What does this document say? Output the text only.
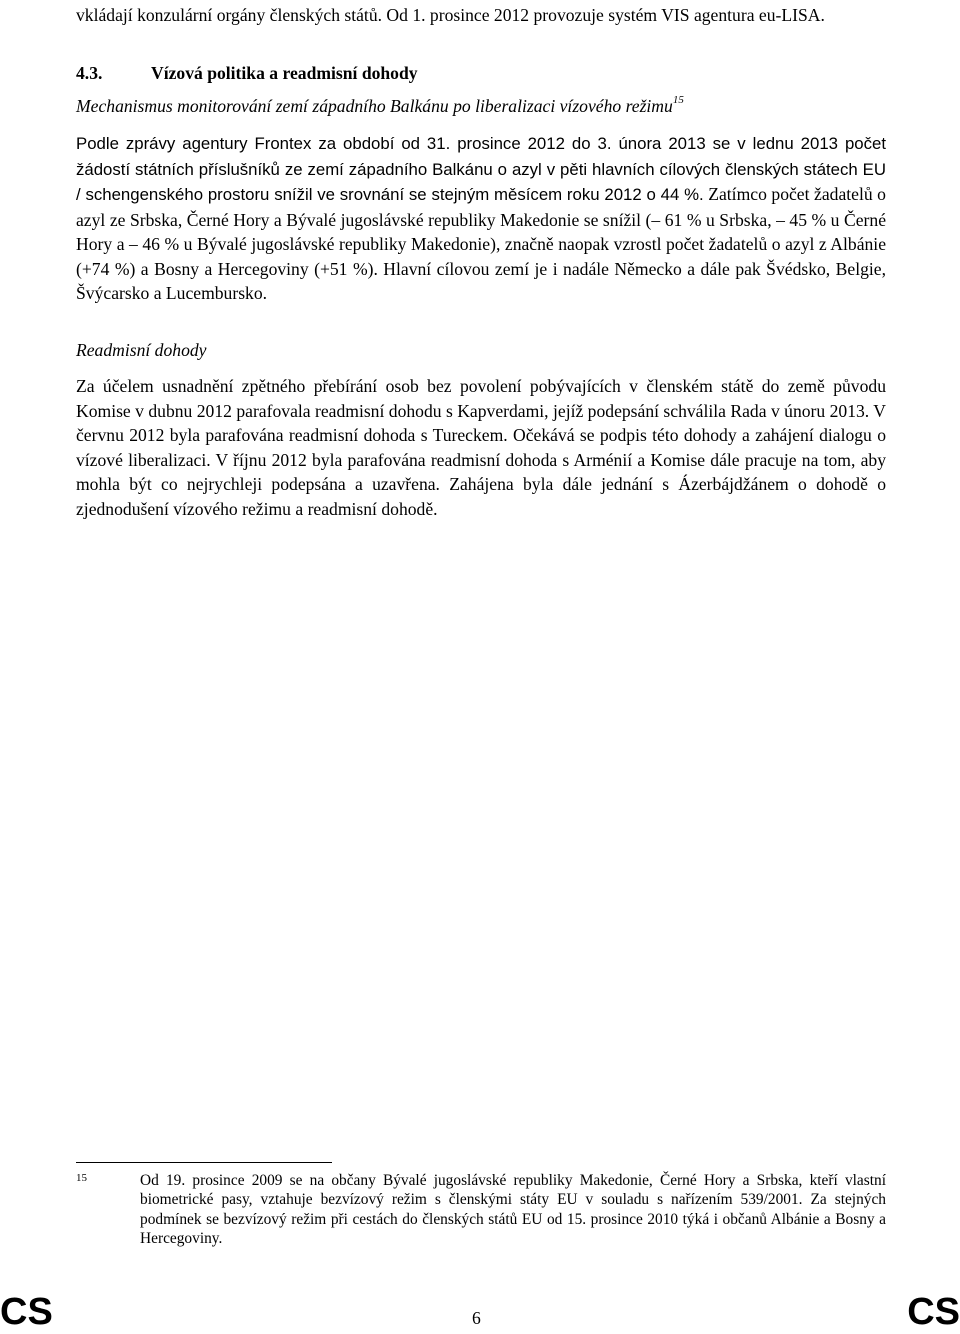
vkládají konzulární orgány členských států. Od 1. prosince 2012 provozuje systém VIS agentura eu-LISA.

4.3.	Vízová politika a readmisní dohody

Mechanismus monitorování zemí západního Balkánu po liberalizaci vízového režimu$^{15}$

Podle zprávy agentury Frontex za období od 31. prosince 2012 do 3. února 2013 se v lednu 2013 počet žádostí státních příslušníků ze zemí západního Balkánu o azyl v pěti hlavních cílových členských státech EU / schengenského prostoru snížil ve srovnání se stejným měsícem roku 2012 o 44 %. Zatímco počet žadatelů o azyl ze Srbska, Černé Hory a Bývalé jugoslávské republiky Makedonie se snížil (– 61 % u Srbska, – 45 % u Černé Hory a – 46 % u Bývalé jugoslávské republiky Makedonie), značně naopak vzrostl počet žadatelů o azyl z Albánie (+74 %) a Bosny a Hercegoviny (+51 %). Hlavní cílovou zemí je i nadále Německo a dále pak Švédsko, Belgie, Švýcarsko a Lucembursko.

Readmisní dohody

Za účelem usnadnění zpětného přebírání osob bez povolení pobývajících v členském státě do země původu Komise v dubnu 2012 parafovala readmisní dohodu s Kapverdami, jejíž podepsání schválila Rada v únoru 2013. V červnu 2012 byla parafována readmisní dohoda s Tureckem. Očekává se podpis této dohody a zahájení dialogu o vízové liberalizaci. V říjnu 2012 byla parafována readmisní dohoda s Arménií a Komise dále pracuje na tom, aby mohla být co nejrychleji podepsána a uzavřena. Zahájena byla dále jednání s Ázerbájdžánem o dohodě o zjednodušení vízového režimu a readmisní dohodě.

15	Od 19. prosince 2009 se na občany Bývalé jugoslávské republiky Makedonie, Černé Hory a Srbska, kteří vlastní biometrické pasy, vztahuje bezvízový režim s členskými státy EU v souladu s nařízením 539/2001. Za stejných podmínek se bezvízový režim při cestách do členských států EU od 15. prosince 2010 týká i občanů Albánie a Bosny a Hercegoviny.

CS	6	CS
